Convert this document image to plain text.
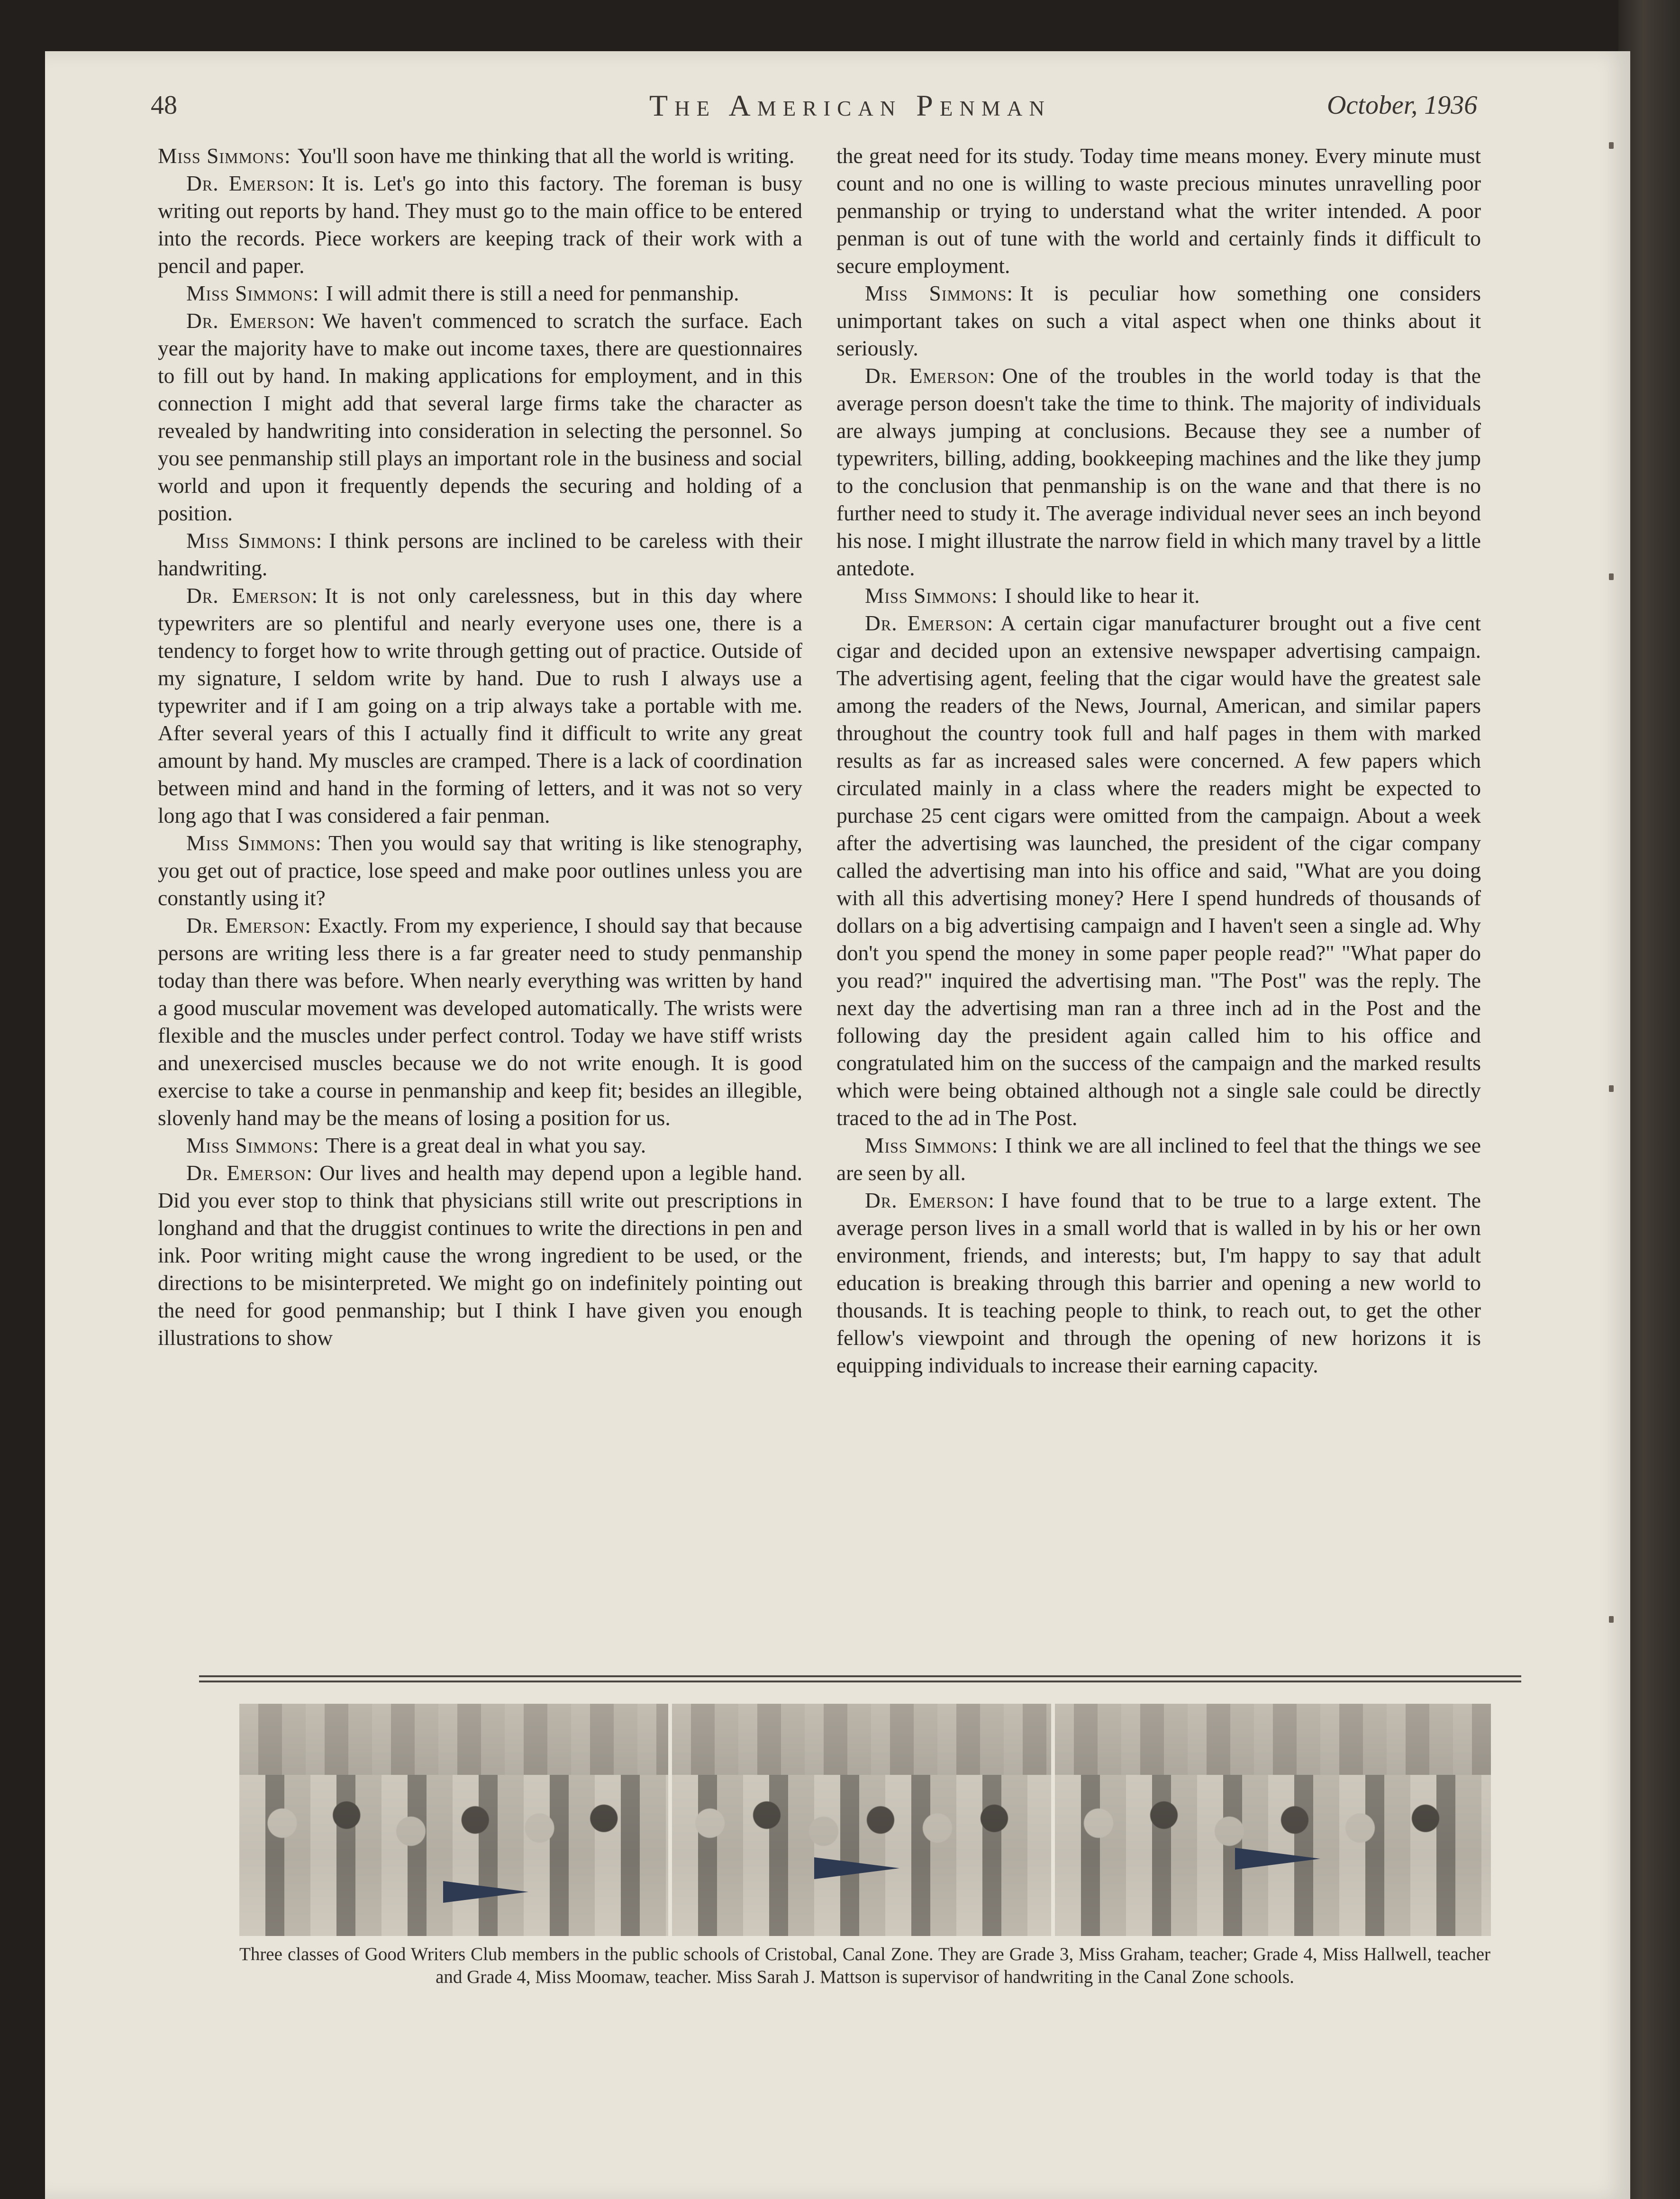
48	The American Penman	October, 1936

Miss Simmons: You'll soon have me thinking that all the world is writing.

Dr. Emerson: It is. Let's go into this factory. The foreman is busy writing out reports by hand. They must go to the main office to be entered into the records. Piece workers are keeping track of their work with a pencil and paper.

Miss Simmons: I will admit there is still a need for penmanship.

Dr. Emerson: We haven't commenced to scratch the surface. Each year the majority have to make out income taxes, there are questionnaires to fill out by hand. In making applications for employment, and in this connection I might add that several large firms take the character as revealed by handwriting into consideration in selecting the personnel. So you see penmanship still plays an important role in the business and social world and upon it frequently depends the securing and holding of a position.

Miss Simmons: I think persons are inclined to be careless with their handwriting.

Dr. Emerson: It is not only carelessness, but in this day where typewriters are so plentiful and nearly everyone uses one, there is a tendency to forget how to write through getting out of practice. Outside of my signature, I seldom write by hand. Due to rush I always use a typewriter and if I am going on a trip always take a portable with me. After several years of this I actually find it difficult to write any great amount by hand. My muscles are cramped. There is a lack of coordination between mind and hand in the forming of letters, and it was not so very long ago that I was considered a fair penman.

Miss Simmons: Then you would say that writing is like stenography, you get out of practice, lose speed and make poor outlines unless you are constantly using it?

Dr. Emerson: Exactly. From my experience, I should say that because persons are writing less there is a far greater need to study penmanship today than there was before. When nearly everything was written by hand a good muscular movement was developed automatically. The wrists were flexible and the muscles under perfect control. Today we have stiff wrists and unexercised muscles because we do not write enough. It is good exercise to take a course in penmanship and keep fit; besides an illegible, slovenly hand may be the means of losing a position for us.

Miss Simmons: There is a great deal in what you say.

Dr. Emerson: Our lives and health may depend upon a legible hand. Did you ever stop to think that physicians still write out prescriptions in longhand and that the druggist continues to write the directions in pen and ink. Poor writing might cause the wrong ingredient to be used, or the directions to be misinterpreted. We might go on indefinitely pointing out the need for good penmanship; but I think I have given you enough illustrations to show

the great need for its study. Today time means money. Every minute must count and no one is willing to waste precious minutes unravelling poor penmanship or trying to understand what the writer intended. A poor penman is out of tune with the world and certainly finds it difficult to secure employment.

Miss Simmons: It is peculiar how something one considers unimportant takes on such a vital aspect when one thinks about it seriously.

Dr. Emerson: One of the troubles in the world today is that the average person doesn't take the time to think. The majority of individuals are always jumping at conclusions. Because they see a number of typewriters, billing, adding, bookkeeping machines and the like they jump to the conclusion that penmanship is on the wane and that there is no further need to study it. The average individual never sees an inch beyond his nose. I might illustrate the narrow field in which many travel by a little antedote.

Miss Simmons: I should like to hear it.

Dr. Emerson: A certain cigar manufacturer brought out a five cent cigar and decided upon an extensive newspaper advertising campaign. The advertising agent, feeling that the cigar would have the greatest sale among the readers of the News, Journal, American, and similar papers throughout the country took full and half pages in them with marked results as far as increased sales were concerned. A few papers which circulated mainly in a class where the readers might be expected to purchase 25 cent cigars were omitted from the campaign. About a week after the advertising was launched, the president of the cigar company called the advertising man into his office and said, "What are you doing with all this advertising money? Here I spend hundreds of thousands of dollars on a big advertising campaign and I haven't seen a single ad. Why don't you spend the money in some paper people read?" "What paper do you read?" inquired the advertising man. "The Post" was the reply. The next day the advertising man ran a three inch ad in the Post and the following day the president again called him to his office and congratulated him on the success of the campaign and the marked results which were being obtained although not a single sale could be directly traced to the ad in The Post.

Miss Simmons: I think we are all inclined to feel that the things we see are seen by all.

Dr. Emerson: I have found that to be true to a large extent. The average person lives in a small world that is walled in by his or her own environment, friends, and interests; but, I'm happy to say that adult education is breaking through this barrier and opening a new world to thousands. It is teaching people to think, to reach out, to get the other fellow's viewpoint and through the opening of new horizons it is equipping individuals to increase their earning capacity.

Three classes of Good Writers Club members in the public schools of Cristobal, Canal Zone. They are Grade 3, Miss Graham, teacher; Grade 4, Miss Hallwell, teacher and Grade 4, Miss Moomaw, teacher. Miss Sarah J. Mattson is supervisor of handwriting in the Canal Zone schools.
